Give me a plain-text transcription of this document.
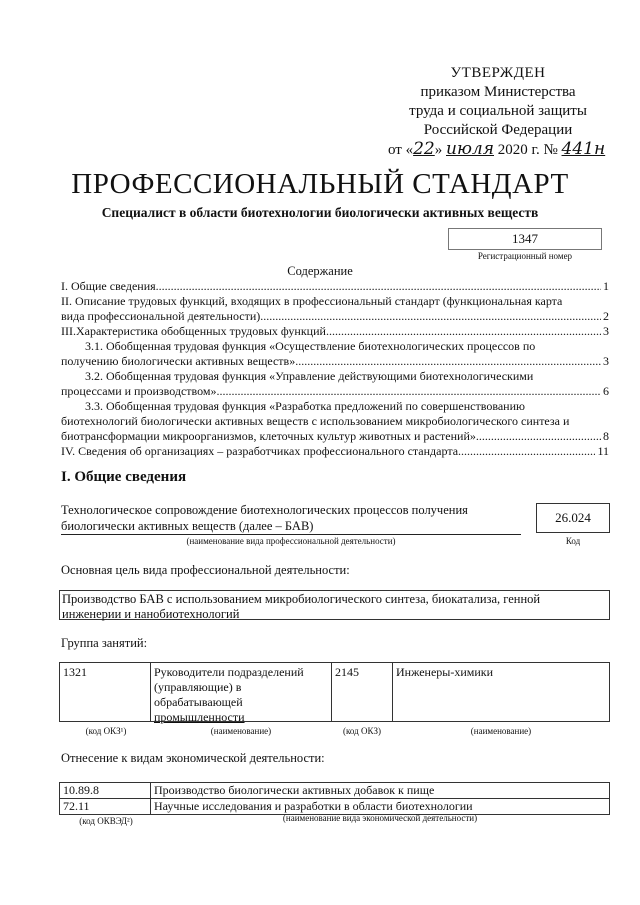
УТВЕРЖДЕН
приказом Министерства
труда и социальной защиты
Российской Федерации
от «22» июля 2020 г. № 441н
ПРОФЕССИОНАЛЬНЫЙ СТАНДАРТ
Специалист в области биотехнологии биологически активных веществ
1347
Регистрационный номер
Содержание
I. Общие сведения .....	1
II. Описание трудовых функций, входящих в профессиональный стандарт (функциональная карта
вида профессиональной деятельности) .....	2
III.Характеристика обобщенных трудовых функций .....	3
3.1. Обобщенная трудовая функция «Осуществление биотехнологических процессов по
получению биологически активных веществ» .....	3
3.2. Обобщенная трудовая функция «Управление действующими биотехнологическими
процессами и производством» .....	6
3.3. Обобщенная трудовая функция «Разработка предложений по совершенствованию
биотехнологий биологически активных веществ с использованием микробиологического синтеза и
биотрансформации микроорганизмов, клеточных культур животных и растений» .....	8
IV. Сведения об организациях – разработчиках профессионального стандарта .....	11
I. Общие сведения
Технологическое сопровождение биотехнологических процессов получения
биологически активных веществ (далее – БАВ)
(наименование вида профессиональной деятельности)
26.024
Код
Основная цель вида профессиональной деятельности:
Производство БАВ с использованием микробиологического синтеза, биокатализа, генной
инженерии и нанобиотехнологий
Группа занятий:
1321	Руководители подразделений
(управляющие) в
обрабатывающей
промышленности
2145	Инженеры-химики
(код ОКЗ¹)	(наименование)	(код ОКЗ)	(наименование)
Отнесение к видам экономической деятельности:
10.89.8	Производство биологически активных добавок к пище
72.11	Научные исследования и разработки в области биотехнологии
(код ОКВЭД²)	(наименование вида экономической деятельности)
